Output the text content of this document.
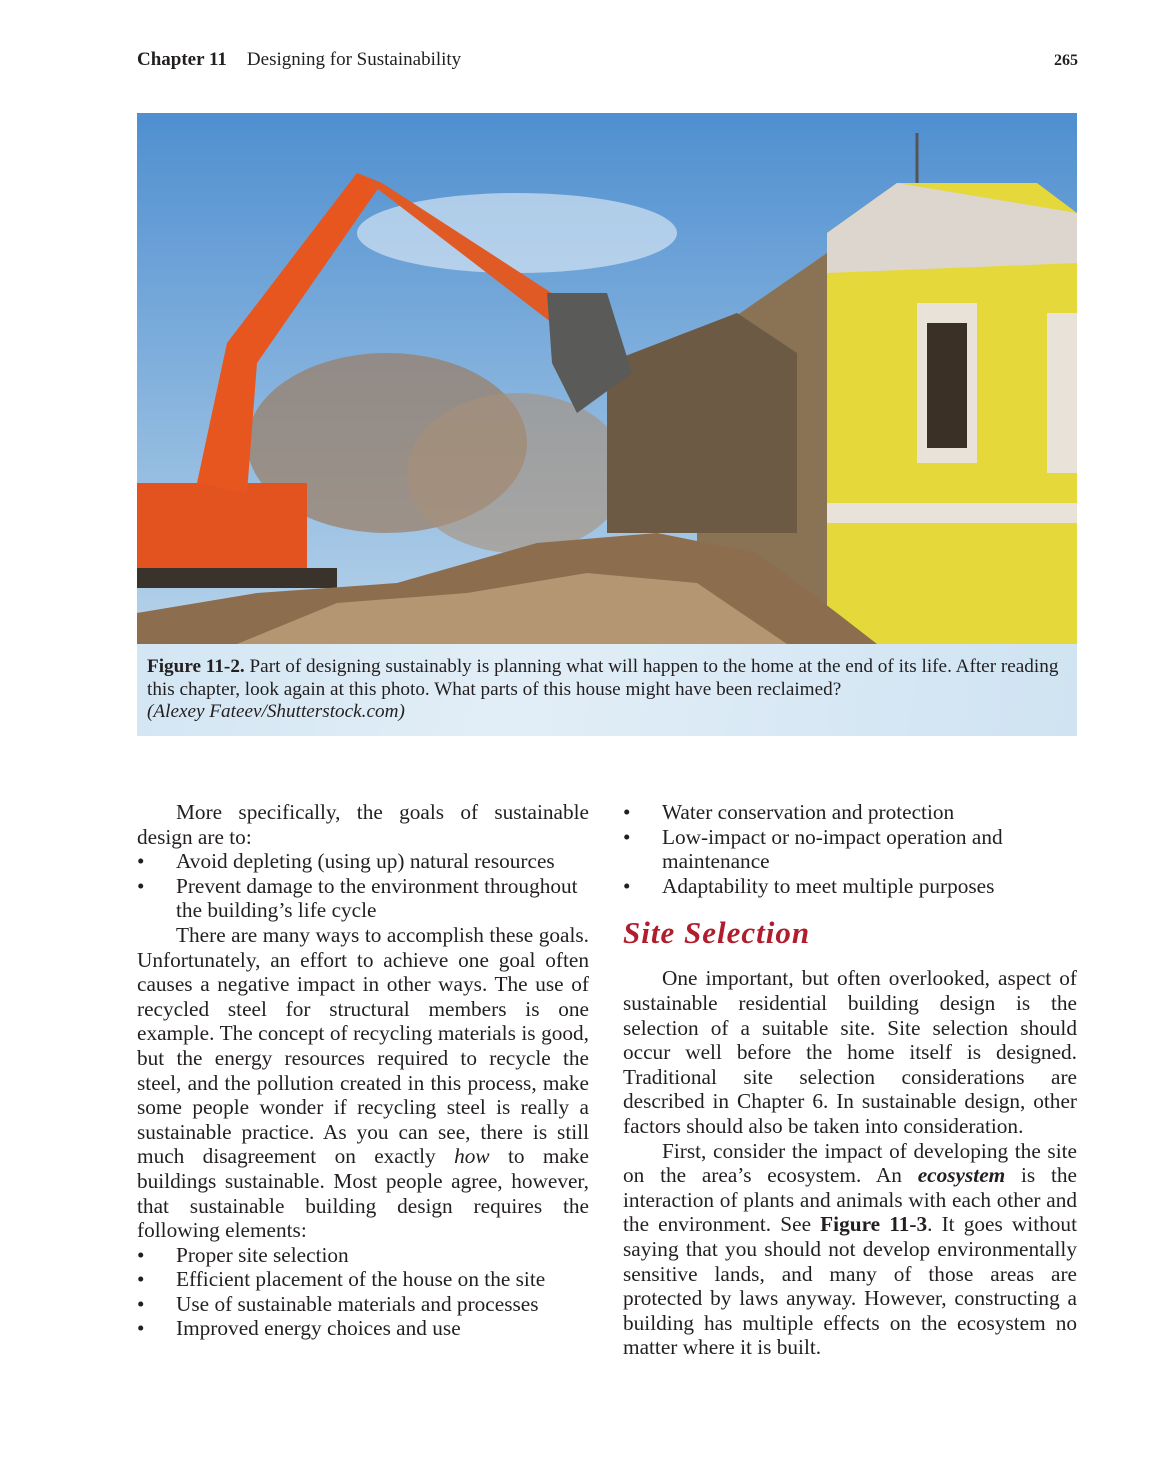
Chapter 11 Designing for Sustainability	265
Figure 11-2. Part of designing sustainably is planning what will happen to the home at the end of its life. After reading this chapter, look again at this photo. What parts of this house might have been reclaimed?
(Alexey Fateev/Shutterstock.com)

More specifically, the goals of sustainable design are to:

• Avoid depleting (using up) natural resources
• Prevent damage to the environment throughout the building’s life cycle

There are many ways to accomplish these goals. Unfortunately, an effort to achieve one goal often causes a negative impact in other ways. The use of recycled steel for structural members is one example. The concept of recycling materials is good, but the energy resources required to recycle the steel, and the pollution created in this process, make some people wonder if recycling steel is really a sustainable practice. As you can see, there is still much disagreement on exactly how to make buildings sustainable. Most people agree, however, that sustainable building design requires the following elements:

• Proper site selection
• Efficient placement of the house on the site
• Use of sustainable materials and processes
• Improved energy choices and use
• Water conservation and protection
• Low-impact or no-impact operation and maintenance
• Adaptability to meet multiple purposes
Site Selection

One important, but often overlooked, aspect of sustainable residential building design is the selection of a suitable site. Site selection should occur well before the home itself is designed. Traditional site selection considerations are described in Chapter 6. In sustainable design, other factors should also be taken into consideration.

First, consider the impact of developing the site on the area’s ecosystem. An ecosystem is the interaction of plants and animals with each other and the environment. See Figure 11-3. It goes without saying that you should not develop environmentally sensitive lands, and many of those areas are protected by laws anyway. However, constructing a building has multiple effects on the ecosystem no matter where it is built.
